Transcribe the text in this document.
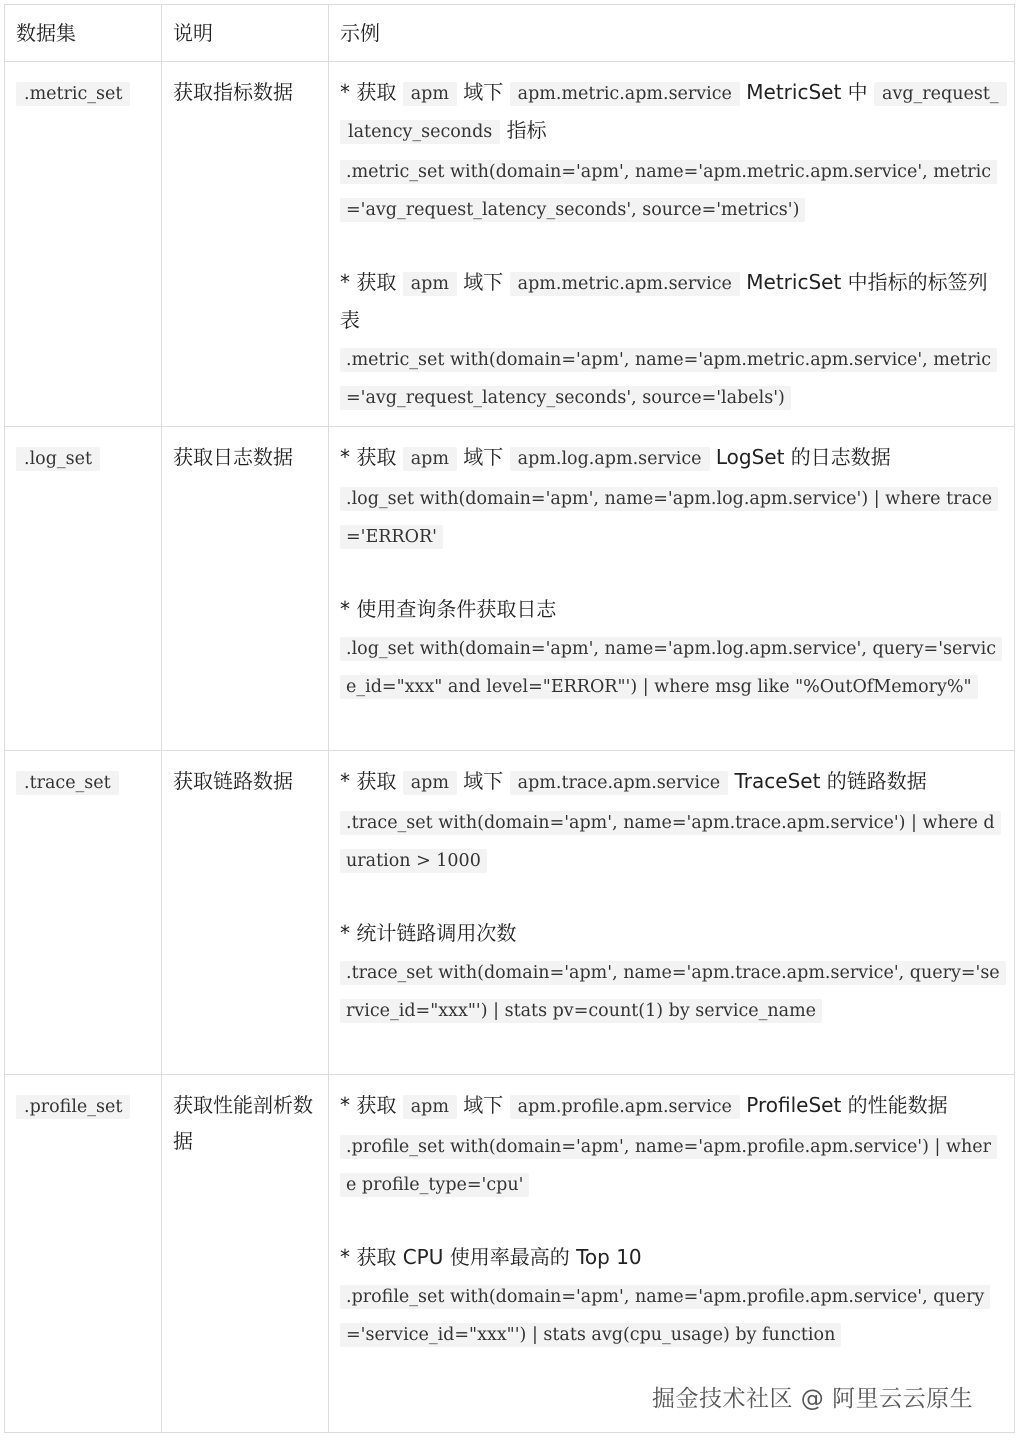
数据集	说明	示例
.metric_set	获取指标数据	* 获取 apm 域下 apm.metric.apm.service MetricSet 中 avg_request_latency_seconds 指标
.metric_set with(domain='apm', name='apm.metric.apm.service', metric='avg_request_latency_seconds', source='metrics')
* 获取 apm 域下 apm.metric.apm.service MetricSet 中指标的标签列表
.metric_set with(domain='apm', name='apm.metric.apm.service', metric='avg_request_latency_seconds', source='labels')

.log_set	获取日志数据	* 获取 apm 域下 apm.log.apm.service LogSet 的日志数据
.log_set with(domain='apm', name='apm.log.apm.service') | where trace='ERROR'
* 使用查询条件获取日志
.log_set with(domain='apm', name='apm.log.apm.service', query='service_id="xxx" and level="ERROR"') | where msg like "%OutOfMemory%"

.trace_set	获取链路数据	* 获取 apm 域下 apm.trace.apm.service TraceSet 的链路数据
.trace_set with(domain='apm', name='apm.trace.apm.service') | where duration > 1000
* 统计链路调用次数
.trace_set with(domain='apm', name='apm.trace.apm.service', query='service_id="xxx"') | stats pv=count(1) by service_name

.profile_set	获取性能剖析数据	* 获取 apm 域下 apm.profile.apm.service ProfileSet 的性能数据
.profile_set with(domain='apm', name='apm.profile.apm.service') | where profile_type='cpu'
* 获取 CPU 使用率最高的 Top 10
.profile_set with(domain='apm', name='apm.profile.apm.service', query='service_id="xxx"') | stats avg(cpu_usage) by function
掘金技术社区 @ 阿里云云原生
